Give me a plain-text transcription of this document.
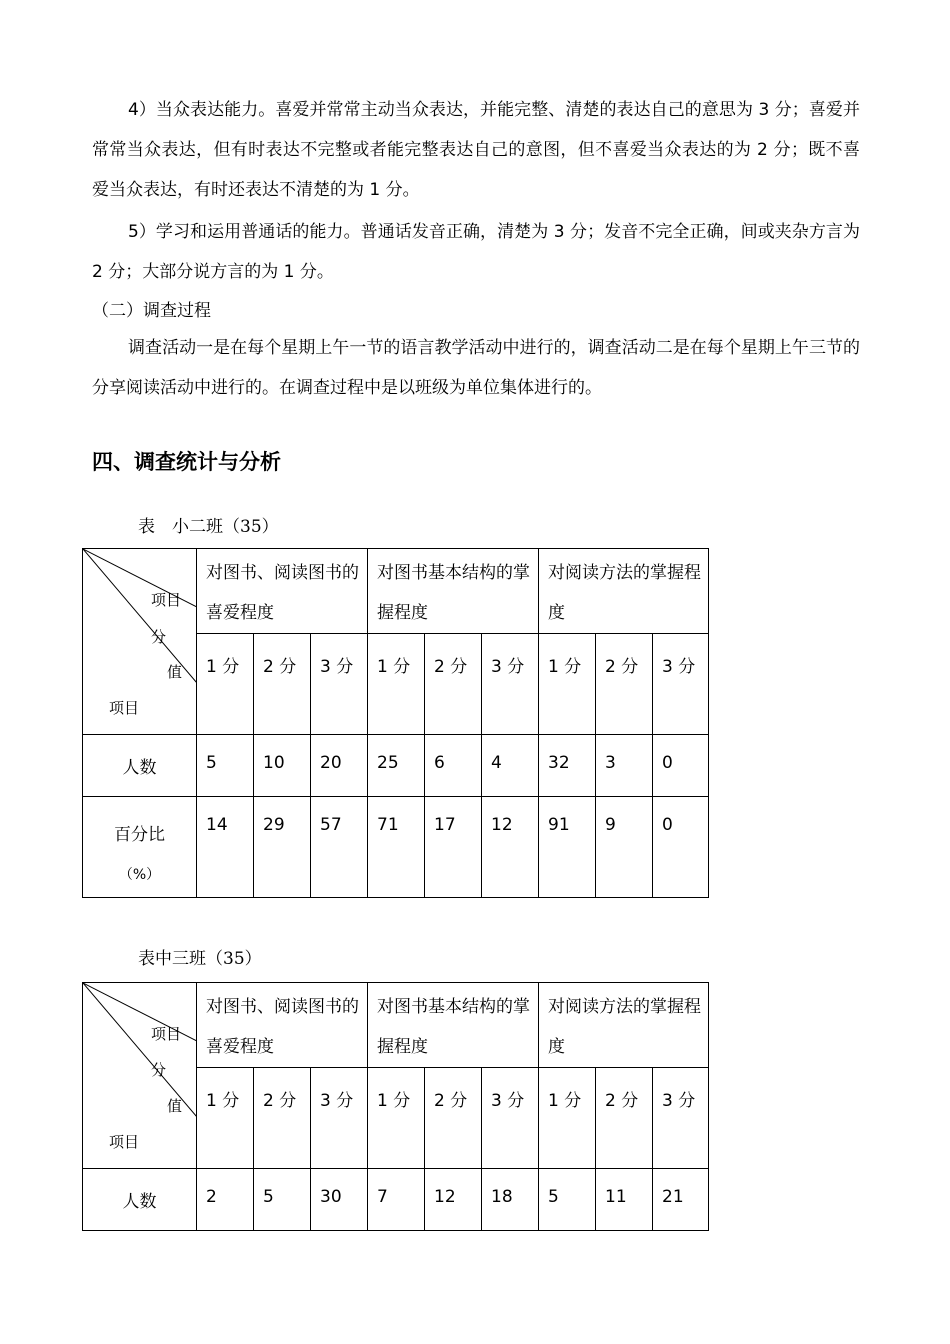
4）当众表达能力。喜爱并常常主动当众表达，并能完整、清楚的表达自己的意思为 3 分；喜爱并常常当众表达，但有时表达不完整或者能完整表达自己的意图，但不喜爱当众表达的为 2 分；既不喜爱当众表达，有时还表达不清楚的为 1 分。

5）学习和运用普通话的能力。普通话发音正确，清楚为 3 分；发音不完全正确，间或夹杂方言为 2 分；大部分说方言的为 1 分。

（二）调查过程

调查活动一是在每个星期上午一节的语言教学活动中进行的，调查活动二是在每个星期上午三节的分享阅读活动中进行的。在调查过程中是以班级为单位集体进行的。

四、调查统计与分析
表　小二班（35）
项目
分
值
项目	对图书、阅读图书的喜爱程度			对图书基本结构的掌握程度			对阅读方法的掌握程度		

	1 分	2 分	3 分	1 分	2 分	3 分	1 分	2 分	3 分

人数	5	10	20	25	6	4	32	3	0

百分比
（%）	14	29	57	71	17	12	91	9	0
表中三班（35）
项目
分
值
项目	对图书、阅读图书的喜爱程度			对图书基本结构的掌握程度			对阅读方法的掌握程度		

	1 分	2 分	3 分	1 分	2 分	3 分	1 分	2 分	3 分

人数	2	5	30	7	12	18	5	11	21
